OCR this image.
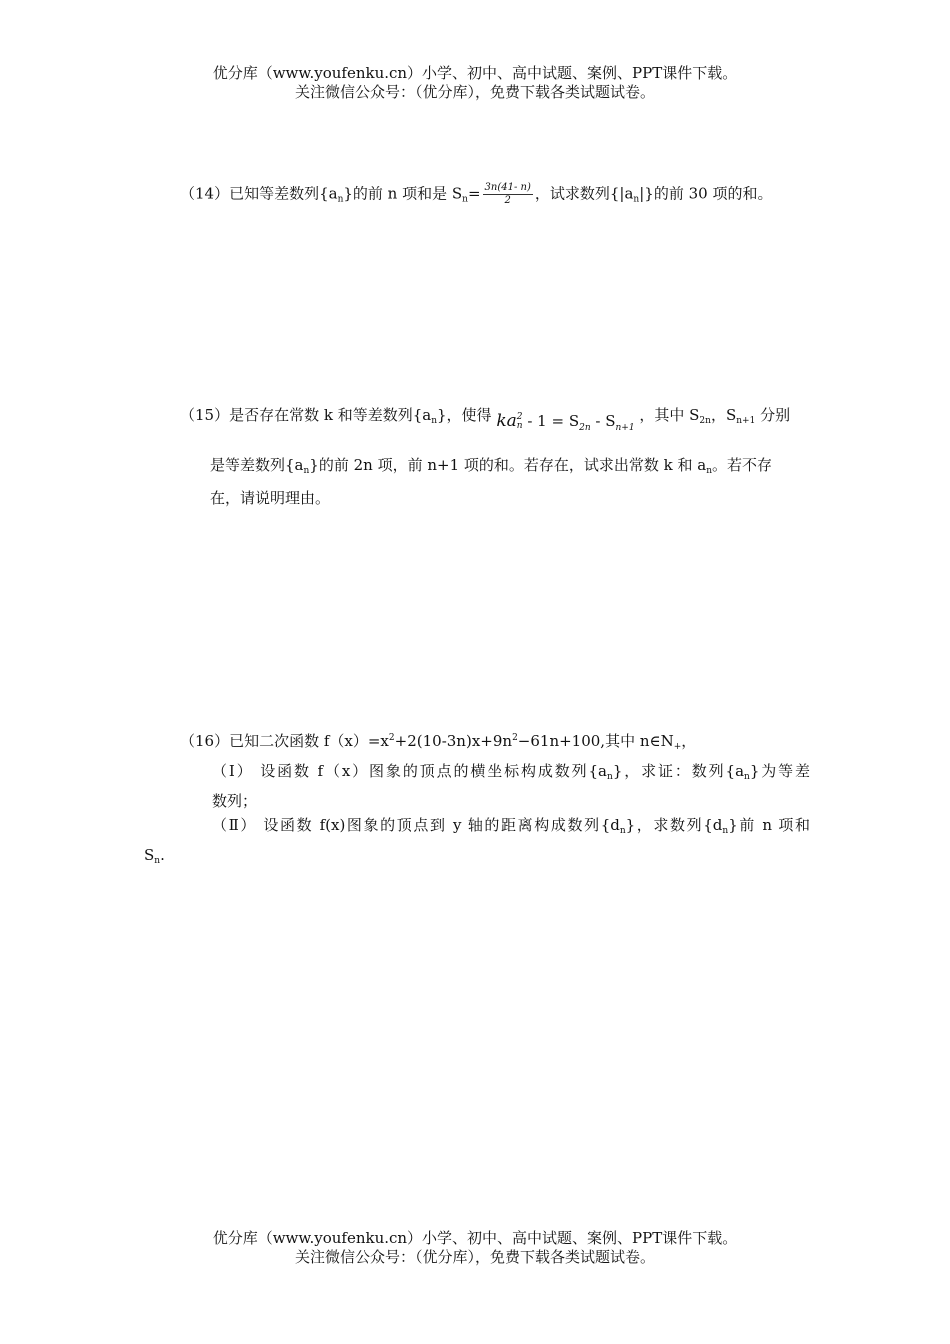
优分库（www.youfenku.cn）小学、初中、高中试题、案例、PPT课件下载。
关注微信公众号：（优分库），免费下载各类试题试卷。
（14）已知等差数列$\{a_n\}$的前 n 项和是 $S_n= \frac{3n(41- n)}{2}$ ，试求数列$\{|a_n|\}$的前 30 项的和。
（15）是否存在常数 k 和等差数列$\{a_n\}$，使得 ka 2
$n - 1 = S_{2n} - S_{n+1}$ ，其中 $S_{2n}$，$S_{n+1}$ 分别
是等差数列$\{a_n\}$的前 2n 项，前 n+1 项的和。若存在，试求出常数 k 和 $a_n$。若不存
在，请说明理由。
（16）已知二次函数 $f(x)=x^2+2(10-3n)x+9n^2-61n+100$,其中 $n\in N_+$，
（Ⅰ） 设函数 f（x）图象的顶点的横坐标构成数列$\{a_n\}$，求证：数列$\{a_n\}$为等差
数列；
（Ⅱ） 设函数 f(x)图象的顶点到 y 轴的距离构成数列$\{d_n\}$，求数列$\{d_n\}$前 n 项和
$S_n$.
优分库（www.youfenku.cn）小学、初中、高中试题、案例、PPT课件下载。
关注微信公众号：（优分库），免费下载各类试题试卷。
